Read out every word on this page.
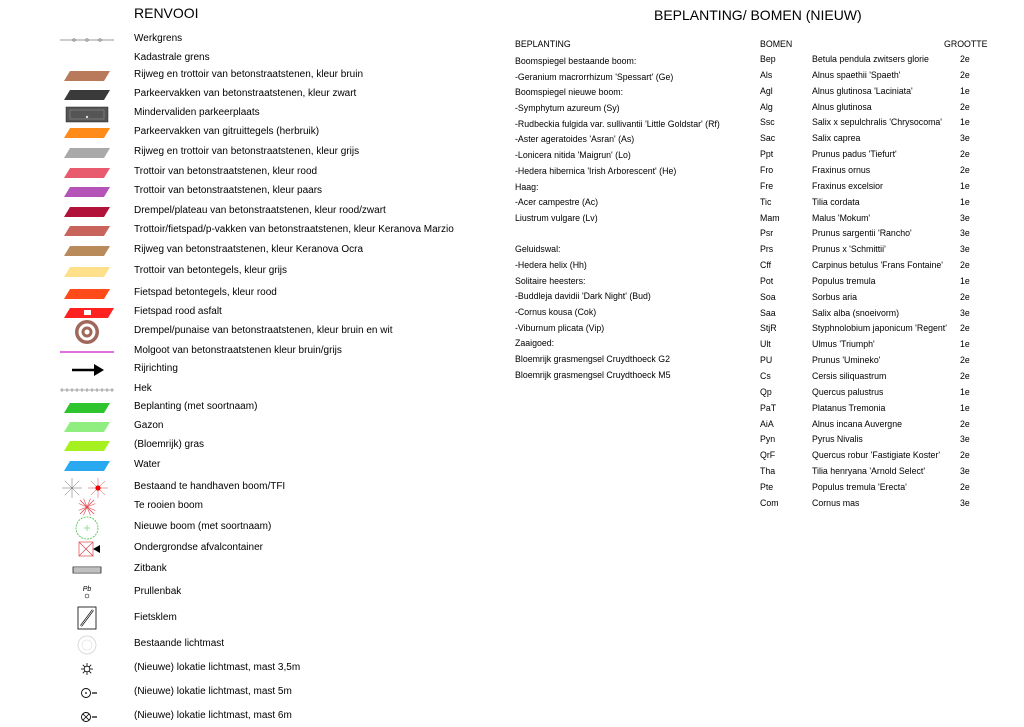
RENVOOI	BEPLANTING/ BOMEN (NIEUW)
Werkgrens
Kadastrale grens
Rijweg en trottoir van betonstraatstenen, kleur bruin
Parkeervakken van betonstraatstenen, kleur zwart
Mindervaliden parkeerplaats
Parkeervakken van gitruittegels (herbruik)
Rijweg en trottoir van betonstraatstenen, kleur grijs
Trottoir van betonstraatstenen, kleur rood
Trottoir van betonstraatstenen, kleur paars
Drempel/plateau van betonstraatstenen, kleur rood/zwart
Trottoir/fietspad/p-vakken van betonstraatstenen, kleur Keranova Marzio
Rijweg van betonstraatstenen, kleur Keranova Ocra
Trottoir van betontegels, kleur grijs
Fietspad betontegels, kleur rood
Fietspad rood asfalt
Drempel/punaise van betonstraatstenen, kleur bruin en wit
Molgoot van betonstraatstenen kleur bruin/grijs
Rijrichting
Hek
Beplanting (met soortnaam)
Gazon
(Bloemrijk) gras
Water
Bestaand te handhaven boom/TFI
Te rooien boom
Nieuwe boom (met soortnaam)
Ondergrondse afvalcontainer
Zitbank
Pb	Prullenbak
Fietsklem
Bestaande lichtmast
(Nieuwe) lokatie lichtmast, mast 3,5m
(Nieuwe) lokatie lichtmast, mast 5m
(Nieuwe) lokatie lichtmast, mast 6m
BEPLANTING
Boomspiegel bestaande boom:
-Geranium macrorrhizum 'Spessart' (Ge)
Boomspiegel nieuwe boom:
-Symphytum azureum (Sy)
-Rudbeckia fulgida var. sullivantii 'Little Goldstar' (Rf)
-Aster ageratoides 'Asran' (As)
-Lonicera nitida 'Maigrun' (Lo)
-Hedera hibernica 'Irish Arborescent' (He)
Haag:
-Acer campestre (Ac)
Liustrum vulgare (Lv)
Geluidswal:
-Hedera helix (Hh)
Solitaire heesters:
-Buddleja davidii 'Dark Night' (Bud)
-Cornus kousa (Cok)
-Viburnum plicata (Vip)
Zaaigoed:
Bloemrijk grasmengsel Cruydthoeck G2
Bloemrijk grasmengsel Cruydthoeck M5
BOMEN	GROOTTE
Bep	Betula pendula zwitsers glorie	2e
Als	Alnus spaethii 'Spaeth'	2e
Agl	Alnus glutinosa 'Laciniata'	1e
Alg	Alnus glutinosa	2e
Ssc	Salix x sepulchralis 'Chrysocoma' 1e
Sac	Salix caprea	3e
Ppt	Prunus padus 'Tiefurt'	2e
Fro	Fraxinus ornus	2e
Fre	Fraxinus excelsior	1e
Tic	Tilia cordata	1e
Mam	Malus 'Mokum'	3e
Psr	Prunus sargentii 'Rancho'	3e
Prs	Prunus x 'Schmittii'	3e
Cff	Carpinus betulus 'Frans Fontaine' 2e
Pot	Populus tremula	1e
Soa	Sorbus aria	2e
Saa	Salix alba (snoeivorm)	3e
StjR	Styphnolobium japonicum 'Regent' 2e
Ult	Ulmus 'Triumph'	1e
PU	Prunus 'Umineko'	2e
Cs	Cersis siliquastrum	2e
Qp	Quercus palustrus	1e
PaT	Platanus Tremonia	1e
AiA	Alnus incana Auvergne	2e
Pyn	Pyrus Nivalis	3e
QrF	Quercus robur 'Fastigiate Koster' 2e
Tha	Tilia henryana 'Arnold Select'	3e
Pte	Populus tremula 'Erecta'	2e
Com	Cornus mas	3e
